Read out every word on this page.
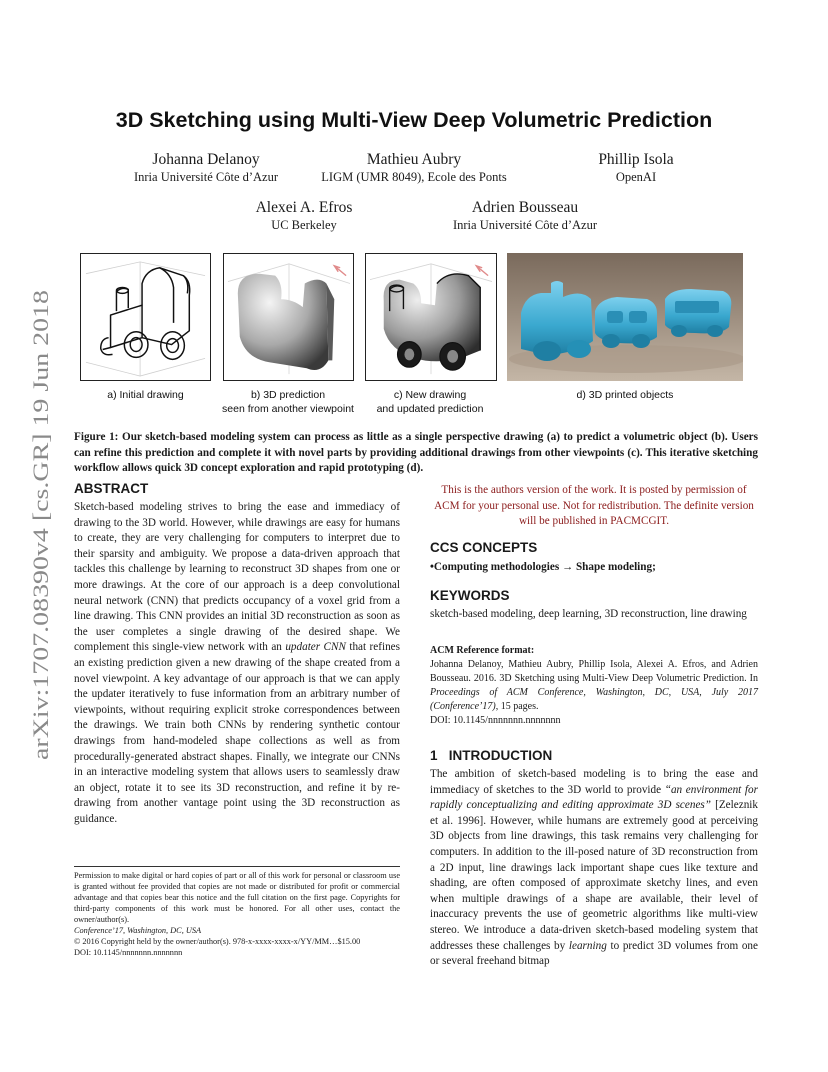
arXiv:1707.08390v4 [cs.GR] 19 Jun 2018
3D Sketching using Multi-View Deep Volumetric Prediction
Johanna Delanoy
Inria Université Côte d’Azur
Mathieu Aubry
LIGM (UMR 8049), Ecole des Ponts
Phillip Isola
OpenAI
Alexei A. Efros
UC Berkeley
Adrien Bousseau
Inria Université Côte d’Azur
a) Initial drawing	b) 3D prediction
seen from another viewpoint
c) New drawing
and updated prediction
d) 3D printed objects
Figure 1: Our sketch-based modeling system can process as little as a single perspective drawing (a) to predict a volumetric object (b). Users can refine this prediction and complete it with novel parts by providing additional drawings from other viewpoints (c). This iterative sketching workflow allows quick 3D concept exploration and rapid prototyping (d).
ABSTRACT
Sketch-based modeling strives to bring the ease and immediacy of drawing to the 3D world. However, while drawings are easy for humans to create, they are very challenging for computers to interpret due to their sparsity and ambiguity. We propose a data-driven approach that tackles this challenge by learning to reconstruct 3D shapes from one or more drawings. At the core of our approach is a deep convolutional neural network (CNN) that predicts occupancy of a voxel grid from a line drawing. This CNN provides an initial 3D reconstruction as soon as the user completes a single drawing of the desired shape. We complement this single-view network with an updater CNN that refines an existing prediction given a new drawing of the shape created from a novel viewpoint. A key advantage of our approach is that we can apply the updater iteratively to fuse information from an arbitrary number of viewpoints, without requiring explicit stroke correspondences between the drawings. We train both CNNs by rendering synthetic contour drawings from hand-modeled shape collections as well as from procedurally-generated abstract shapes. Finally, we integrate our CNNs in an interactive modeling system that allows users to seamlessly draw an object, rotate it to see its 3D reconstruction, and refine it by re-drawing from another vantage point using the 3D reconstruction as guidance.
Permission to make digital or hard copies of part or all of this work for personal or classroom use is granted without fee provided that copies are not made or distributed for profit or commercial advantage and that copies bear this notice and the full citation on the first page. Copyrights for third-party components of this work must be honored. For all other uses, contact the owner/author(s).
Conference’17, Washington, DC, USA
© 2016 Copyright held by the owner/author(s). 978-x-xxxx-xxxx-x/YY/MM…$15.00
DOI: 10.1145/nnnnnnn.nnnnnnn
This is the authors version of the work. It is posted by permission of ACM for your personal use. Not for redistribution. The definite version will be published in PACMCGIT.
CCS CONCEPTS
•Computing methodologies → Shape modeling;
KEYWORDS
sketch-based modeling, deep learning, 3D reconstruction, line drawing
ACM Reference format:
Johanna Delanoy, Mathieu Aubry, Phillip Isola, Alexei A. Efros, and Adrien Bousseau. 2016. 3D Sketching using Multi-View Deep Volumetric Prediction. In Proceedings of ACM Conference, Washington, DC, USA, July 2017 (Conference’17), 15 pages.
DOI: 10.1145/nnnnnnn.nnnnnnn
1 INTRODUCTION
The ambition of sketch-based modeling is to bring the ease and immediacy of sketches to the 3D world to provide “an environment for rapidly conceptualizing and editing approximate 3D scenes” [Zeleznik et al. 1996]. However, while humans are extremely good at perceiving 3D objects from line drawings, this task remains very challenging for computers. In addition to the ill-posed nature of 3D reconstruction from a 2D input, line drawings lack important shape cues like texture and shading, are often composed of approximate sketchy lines, and even when multiple drawings of a shape are available, their level of inaccuracy prevents the use of geometric algorithms like multi-view stereo. We introduce a data-driven sketch-based modeling system that addresses these challenges by learning to predict 3D volumes from one or several freehand bitmap
